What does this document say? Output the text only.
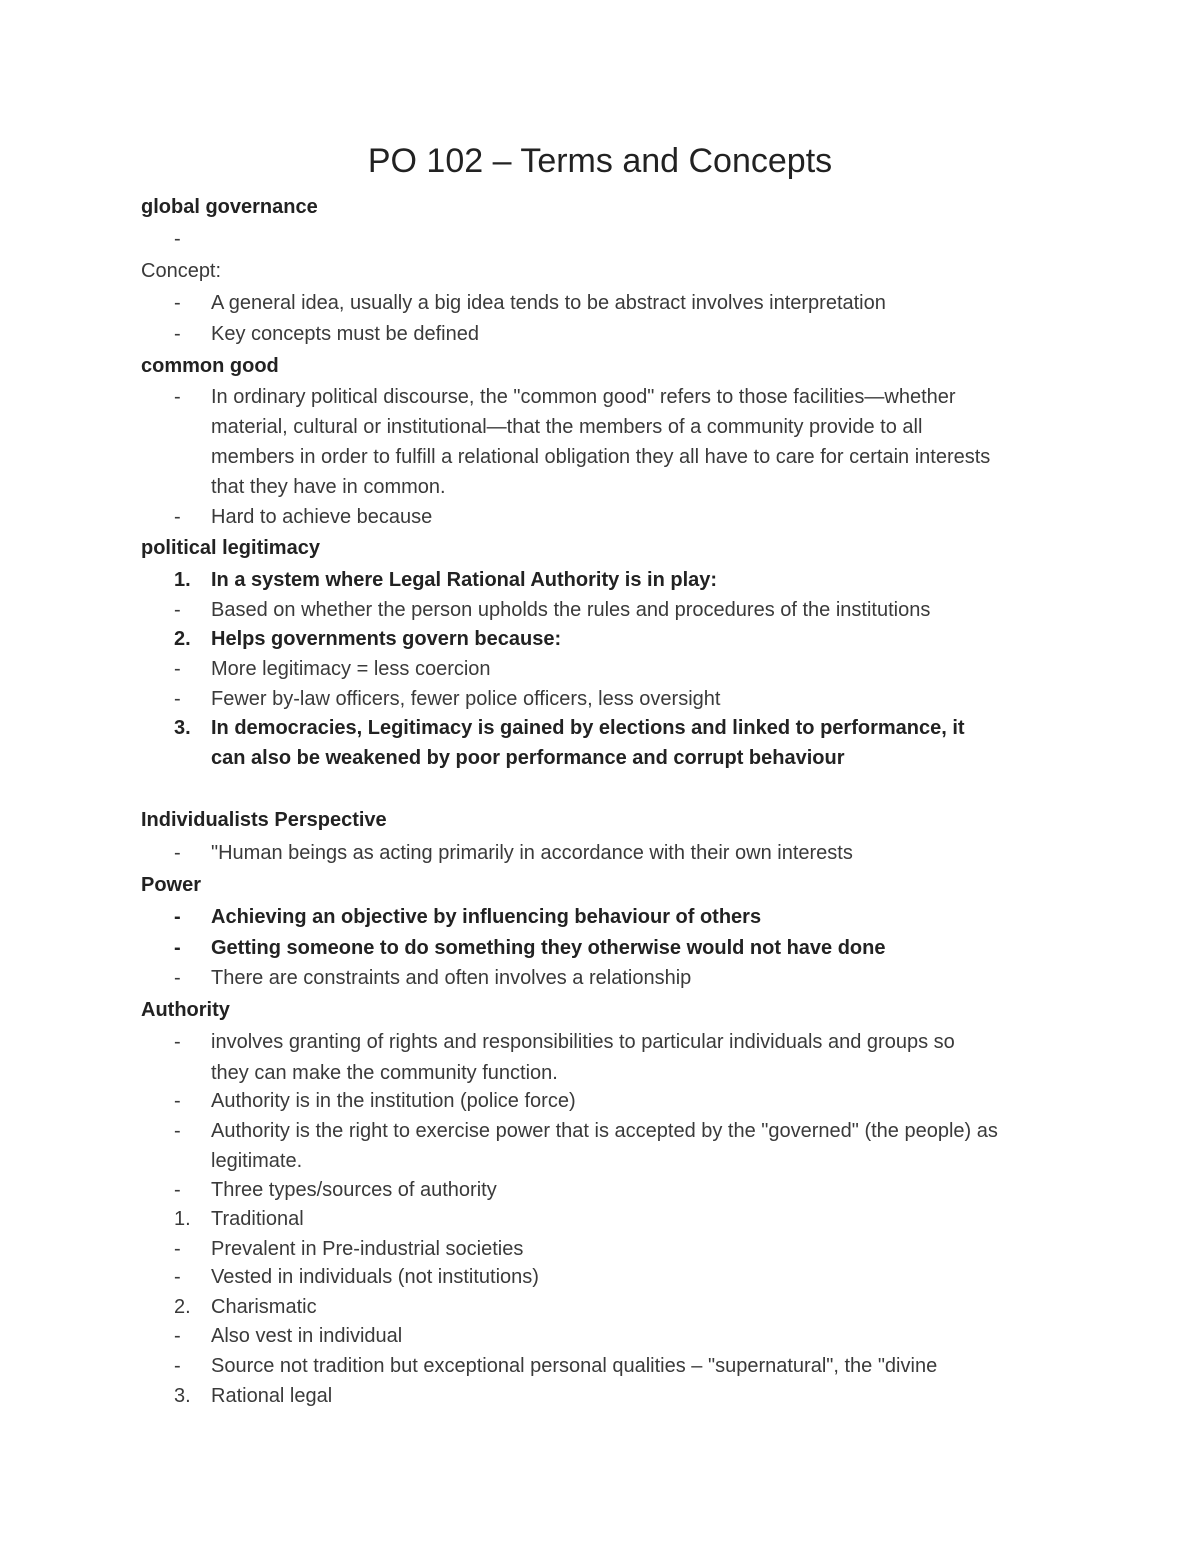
PO 102 – Terms and Concepts
global governance
-
Concept:
- A general idea, usually a big idea tends to be abstract involves interpretation
- Key concepts must be defined
common good
- In ordinary political discourse, the "common good" refers to those facilities—whether
material, cultural or institutional—that the members of a community provide to all
members in order to fulfill a relational obligation they all have to care for certain interests
that they have in common.
- Hard to achieve because
political legitimacy
1. In a system where Legal Rational Authority is in play:
- Based on whether the person upholds the rules and procedures of the institutions
2. Helps governments govern because:
- More legitimacy = less coercion
- Fewer by-law officers, fewer police officers, less oversight
3. In democracies, Legitimacy is gained by elections and linked to performance, it
can also be weakened by poor performance and corrupt behaviour
Individualists Perspective
- "Human beings as acting primarily in accordance with their own interests
Power
- Achieving an objective by influencing behaviour of others
- Getting someone to do something they otherwise would not have done
- There are constraints and often involves a relationship
Authority
- involves granting of rights and responsibilities to particular individuals and groups so
they can make the community function.
- Authority is in the institution (police force)
- Authority is the right to exercise power that is accepted by the "governed" (the people) as
legitimate.
- Three types/sources of authority
1. Traditional
- Prevalent in Pre-industrial societies
- Vested in individuals (not institutions)
2. Charismatic
- Also vest in individual
- Source not tradition but exceptional personal qualities – "supernatural", the "divine
3. Rational legal
